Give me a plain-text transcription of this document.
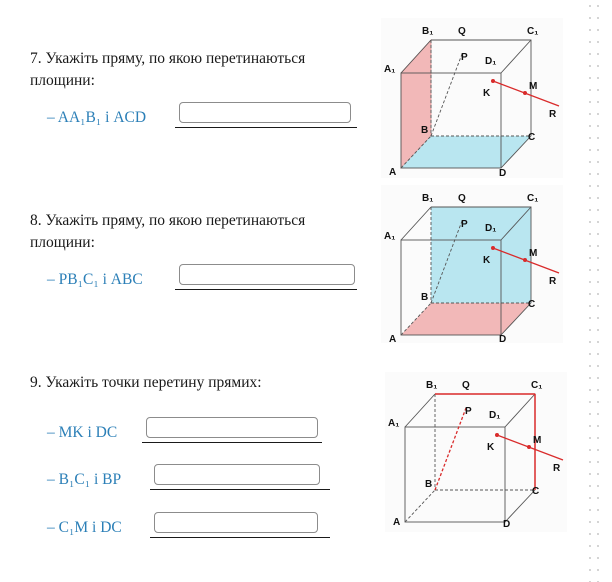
7. Укажіть пряму, по якою перетинаються площини:
– AA₁B₁ і ACD
8. Укажіть пряму, по якою перетинаються площини:
– PB₁C₁ і ABC
9. Укажіть точки перетину прямих:
– MK і DC
– B₁C₁ і BP
– C₁M і DC
B₁ Q	C₁
A₁
P D₁
K
M
R
B
C
A	D
B₁ Q	C₁
A₁
P D₁
K
M
R
B
C
A	D
B₁ Q	C₁
A₁
P D₁
K
M
R
B
C
A	D
